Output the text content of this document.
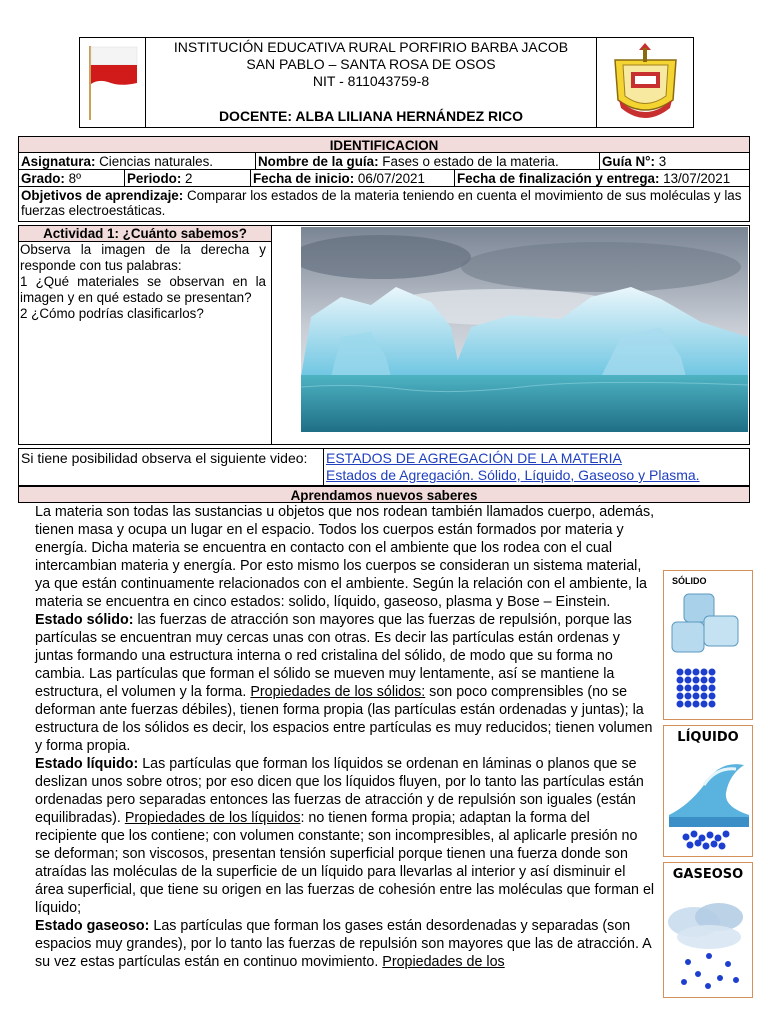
INSTITUCIÓN EDUCATIVA RURAL PORFIRIO BARBA JACOB
SAN PABLO – SANTA ROSA DE OSOS
NIT - 811043759-8
DOCENTE: ALBA LILIANA HERNÁNDEZ RICO
IDENTIFICACION
Asignatura: Ciencias naturales.	Nombre de la guía: Fases o estado de la materia.	Guía N°: 3
Grado: 8º	Periodo: 2	Fecha de inicio: 06/07/2021	Fecha de finalización y entrega: 13/07/2021
Objetivos de aprendizaje: Comparar los estados de la materia teniendo en cuenta el movimiento de sus moléculas y las fuerzas electroestáticas.
Actividad 1: ¿Cuánto sabemos?
Observa la imagen de la derecha y responde con tus palabras:
1 ¿Qué materiales se observan en la imagen y en qué estado se presentan?
2 ¿Cómo podrías clasificarlos?
Si tiene posibilidad observa el siguiente video:	ESTADOS DE AGREGACIÓN DE LA MATERIA
Estados de Agregación. Sólido, Líquido, Gaseoso y Plasma.
Aprendamos nuevos saberes

La materia son todas las sustancias u objetos que nos rodean también llamados cuerpo, además, tienen masa y ocupa un lugar en el espacio. Todos los cuerpos están formados por materia y energía. Dicha materia se encuentra en contacto con el ambiente que los rodea con el cual intercambian materia y energía. Por esto mismo los cuerpos se consideran un sistema material, ya que están continuamente relacionados con el ambiente. Según la relación con el ambiente, la materia se encuentra en cinco estados: solido, líquido, gaseoso, plasma y Bose – Einstein.

Estado sólido: las fuerzas de atracción son mayores que las fuerzas de repulsión, porque las partículas se encuentran muy cercas unas con otras. Es decir las partículas están ordenas y juntas formando una estructura interna o red cristalina del sólido, de modo que su forma no cambia. Las partículas que forman el sólido se mueven muy lentamente, así se mantiene la estructura, el volumen y la forma. Propiedades de los sólidos: son poco comprensibles (no se deforman ante fuerzas débiles), tienen forma propia (las partículas están ordenadas y juntas); la estructura de los sólidos es decir, los espacios entre partículas es muy reducidos; tienen volumen y forma propia.

Estado líquido: Las partículas que forman los líquidos se ordenan en láminas o planos que se deslizan unos sobre otros; por eso dicen que los líquidos fluyen, por lo tanto las partículas están ordenadas pero separadas entonces las fuerzas de atracción y de repulsión son iguales (están equilibradas). Propiedades de los líquidos: no tienen forma propia; adaptan la forma del recipiente que los contiene; con volumen constante; son incompresibles, al aplicarle presión no se deforman; son viscosos, presentan tensión superficial porque tienen una fuerza donde son atraídas las moléculas de la superficie de un líquido para llevarlas al interior y así disminuir el área superficial, que tiene su origen en las fuerzas de cohesión entre las moléculas que forman el líquido;

Estado gaseoso: Las partículas que forman los gases están desordenadas y separadas (son espacios muy grandes), por lo tanto las fuerzas de repulsión son mayores que las de atracción. A su vez estas partículas están en continuo movimiento. Propiedades de los

SÓLIDO
LÍQUIDO
GASEOSO
